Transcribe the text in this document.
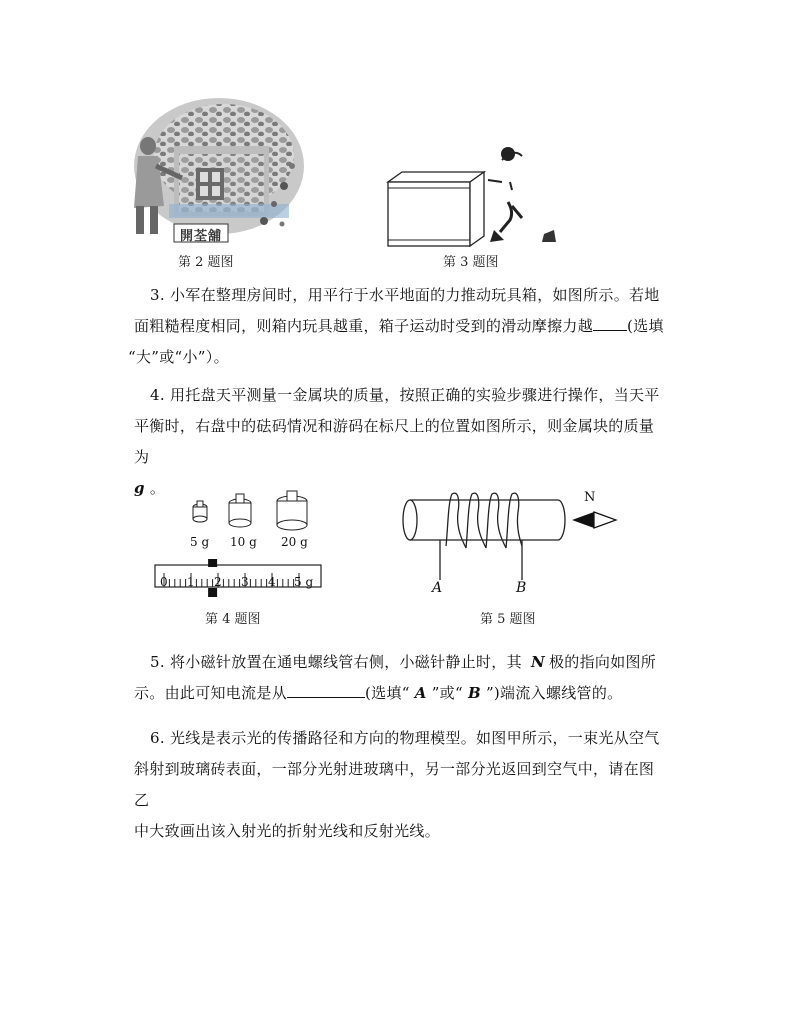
開荃舖
第 2 题图	第 3 题图
3. 小军在整理房间时，用平行于水平地面的力推动玩具箱，如图所示。若地
面粗糙程度相同，则箱内玩具越重，箱子运动时受到的滑动摩擦力越 (选填
“大”或“小”）。
4. 用托盘天平测量一金属块的质量，按照正确的实验步骤进行操作，当天平
平衡时，右盘中的砝码情况和游码在标尺上的位置如图所示，则金属块的质量为
g 。
5 g 10 g 20 g
0 1 2 3 4 5 g
第 4 题图
A	B
N
第 5 题图
5. 将小磁针放置在通电螺线管右侧，小磁针静止时，其 N 极的指向如图所
示。由此可知电流是从	(选填“ A ”或“ B ”)端流入螺线管的。
6. 光线是表示光的传播路径和方向的物理模型。如图甲所示，一束光从空气
斜射到玻璃砖表面，一部分光射进玻璃中，另一部分光返回到空气中，请在图乙
中大致画出该入射光的折射光线和反射光线。
